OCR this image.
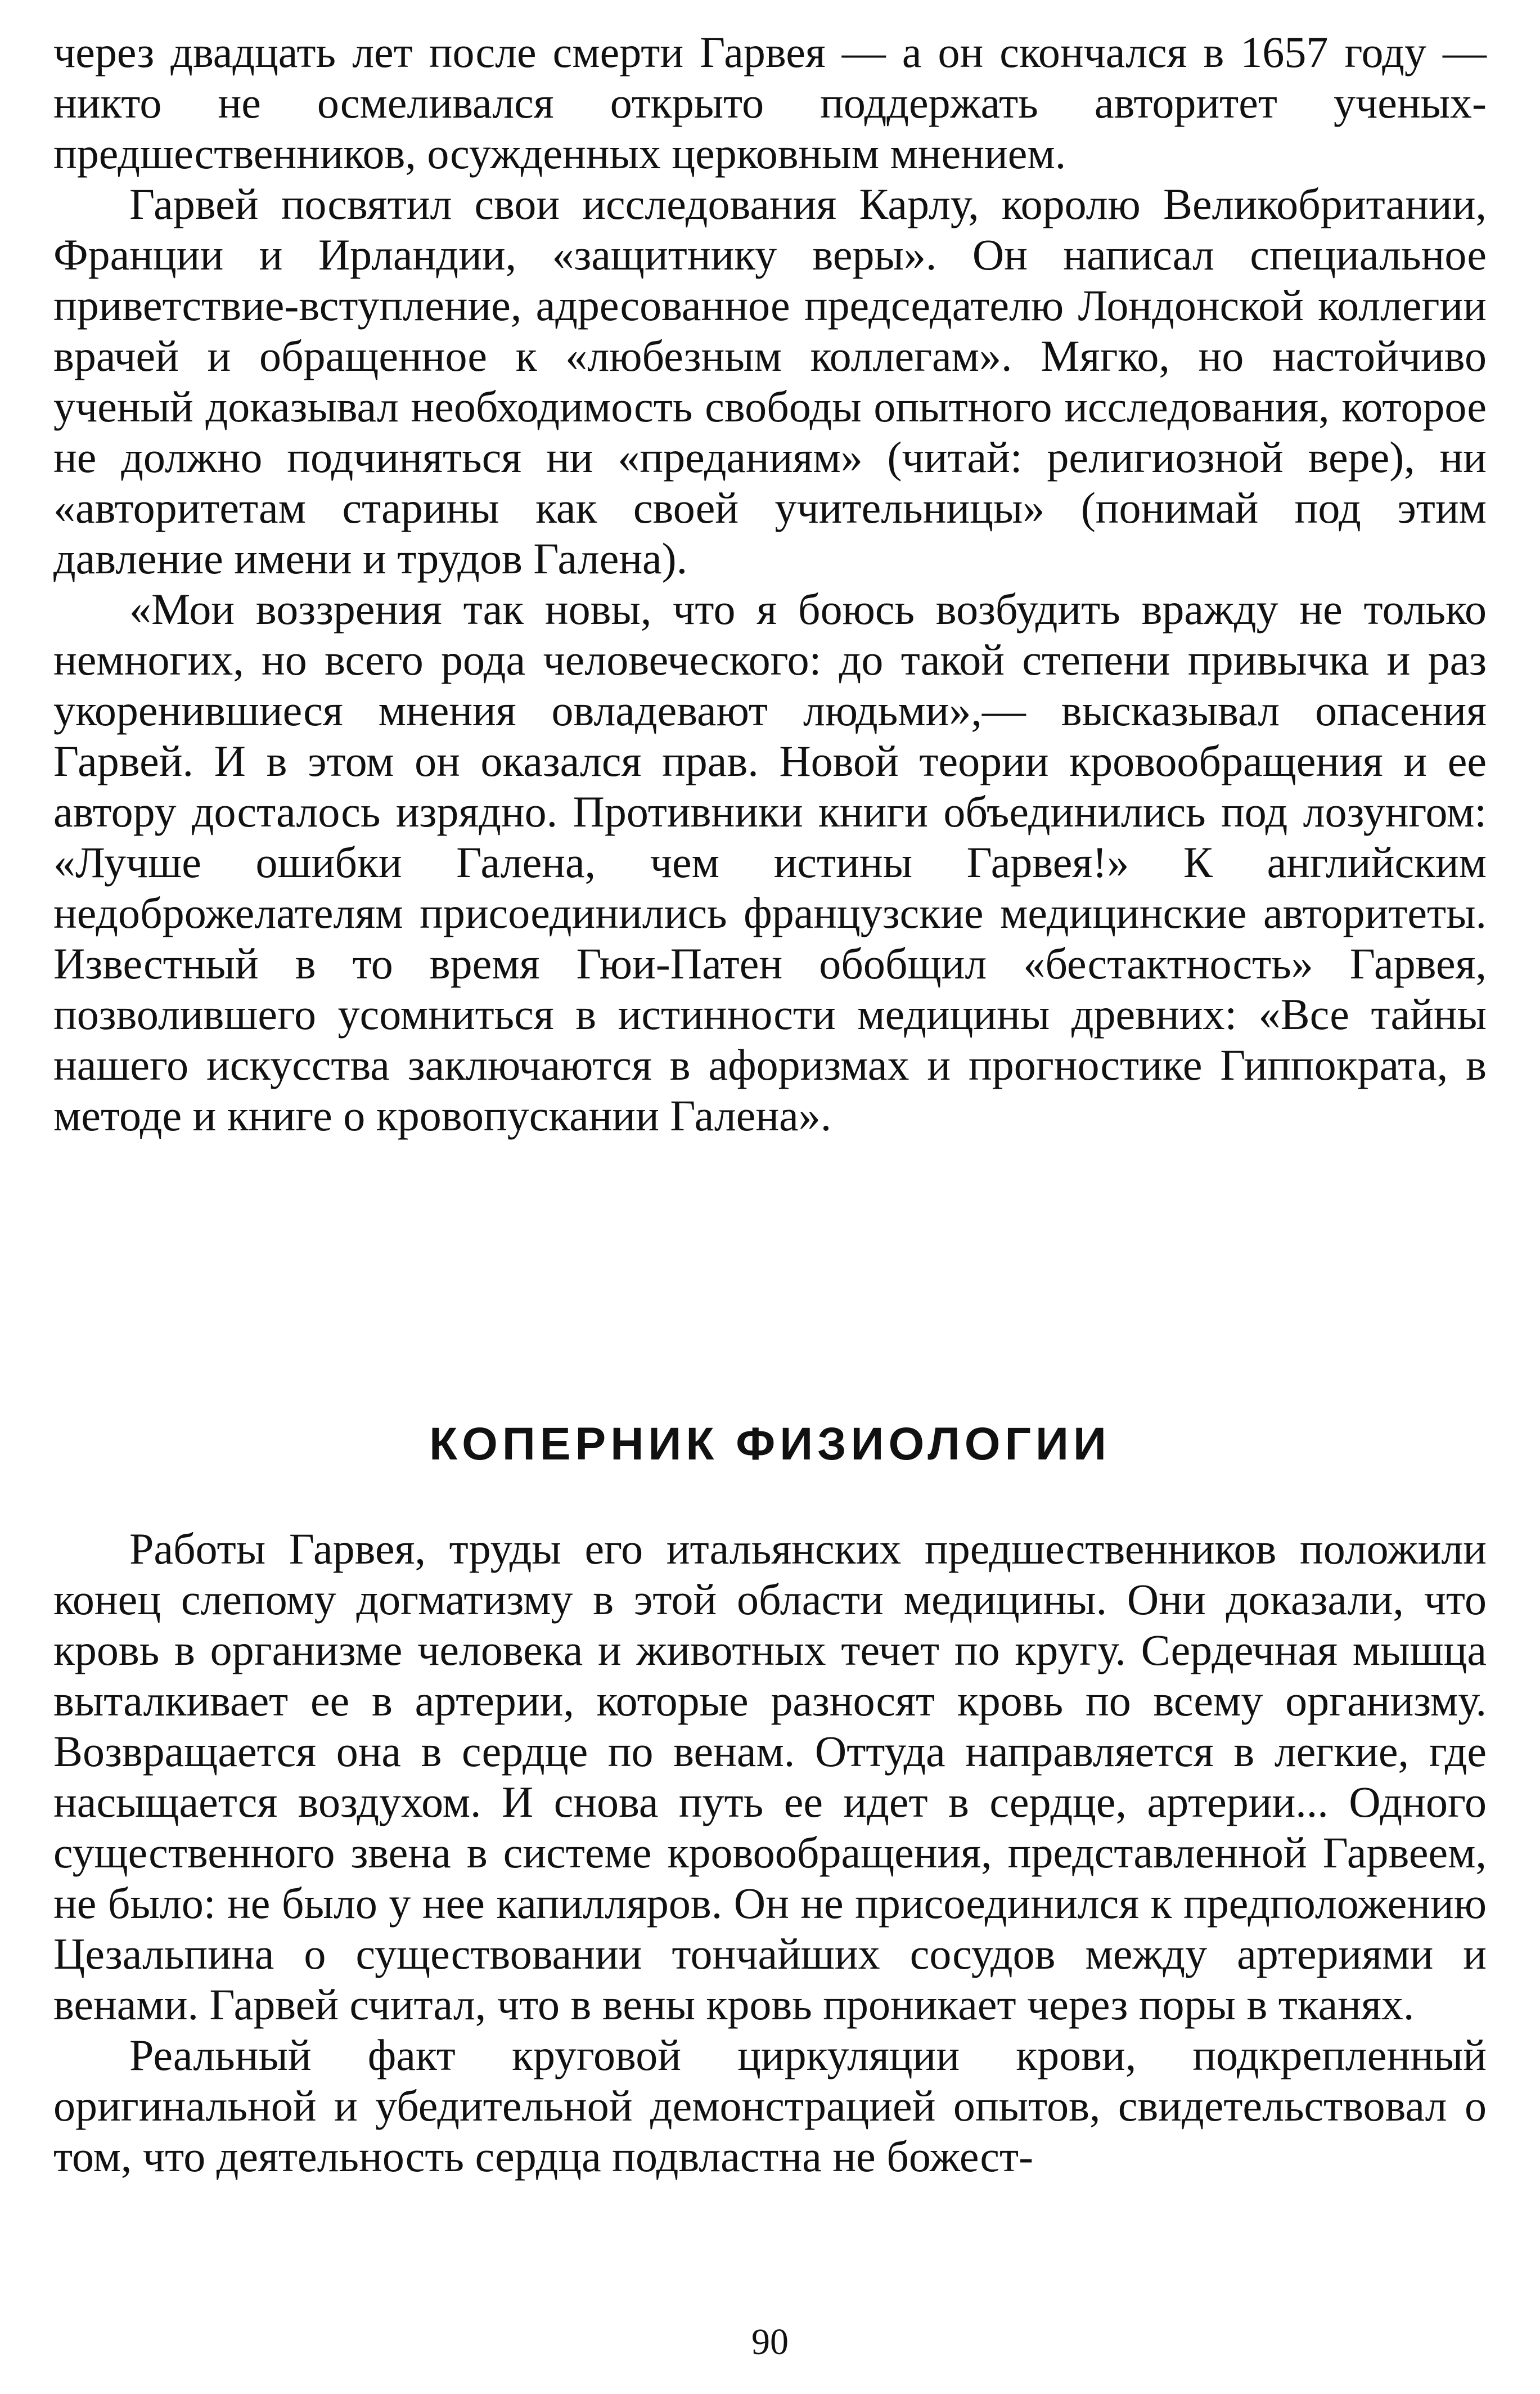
через двадцать лет после смерти Гарвея — а он скончался в 1657 году — никто не осмеливался открыто поддержать авторитет ученых-предшественников, осужденных церковным мнением.

Гарвей посвятил свои исследования Карлу, королю Великобритании, Франции и Ирландии, «защитнику веры». Он написал специальное приветствие-вступление, адресованное председателю Лондонской коллегии врачей и обращенное к «любезным коллегам». Мягко, но настойчиво ученый доказывал необходимость свободы опытного исследования, которое не должно подчиняться ни «преданиям» (читай: религиозной вере), ни «авторитетам старины как своей учительницы» (понимай под этим давление имени и трудов Галена).

«Мои воззрения так новы, что я боюсь возбудить вражду не только немногих, но всего рода человеческого: до такой степени привычка и раз укоренившиеся мнения овладевают людьми»,— высказывал опасения Гарвей. И в этом он оказался прав. Новой теории кровообращения и ее автору досталось изрядно. Противники книги объединились под лозунгом: «Лучше ошибки Галена, чем истины Гарвея!» К английским недоброжелателям присоединились французские медицинские авторитеты. Известный в то время Гюи-Патен обобщил «бестактность» Гарвея, позволившего усомниться в истинности медицины древних: «Все тайны нашего искусства заключаются в афоризмах и прогностике Гиппократа, в методе и книге о кровопускании Галена».

КОПЕРНИК ФИЗИОЛОГИИ

Работы Гарвея, труды его итальянских предшественников положили конец слепому догматизму в этой области медицины. Они доказали, что кровь в организме человека и животных течет по кругу. Сердечная мышца выталкивает ее в артерии, которые разносят кровь по всему организму. Возвращается она в сердце по венам. Оттуда направляется в легкие, где насыщается воздухом. И снова путь ее идет в сердце, артерии... Одного существенного звена в системе кровообращения, представленной Гарвеем, не было: не было у нее капилляров. Он не присоединился к предположению Цезальпина о существовании тончайших сосудов между артериями и венами. Гарвей считал, что в вены кровь проникает через поры в тканях.

Реальный факт круговой циркуляции крови, подкрепленный оригинальной и убедительной демонстрацией опытов, свидетельствовал о том, что деятельность сердца подвластна не божест-

90
